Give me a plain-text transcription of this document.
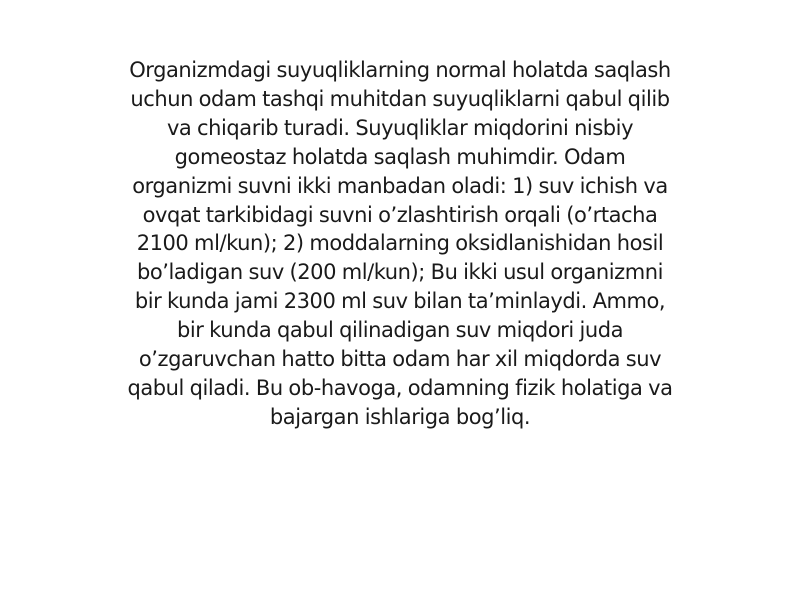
Organizmdagi suyuqliklarning normal holatda saqlash
uchun odam tashqi muhitdan suyuqliklarni qabul qilib
va chiqarib turadi. Suyuqliklar miqdorini nisbiy
gomeostaz holatda saqlash muhimdir. Odam
organizmi suvni ikki manbadan oladi: 1) suv ichish va
ovqat tarkibidagi suvni o’zlashtirish orqali (o’rtacha
2100 ml/kun); 2) moddalarning oksidlanishidan hosil
bo’ladigan suv (200 ml/kun); Bu ikki usul organizmni
bir kunda jami 2300 ml suv bilan ta’minlaydi. Ammo,
bir kunda qabul qilinadigan suv miqdori juda
o’zgaruvchan hatto bitta odam har xil miqdorda suv
qabul qiladi. Bu ob-havoga, odamning fizik holatiga va
bajargan ishlariga bog’liq.
